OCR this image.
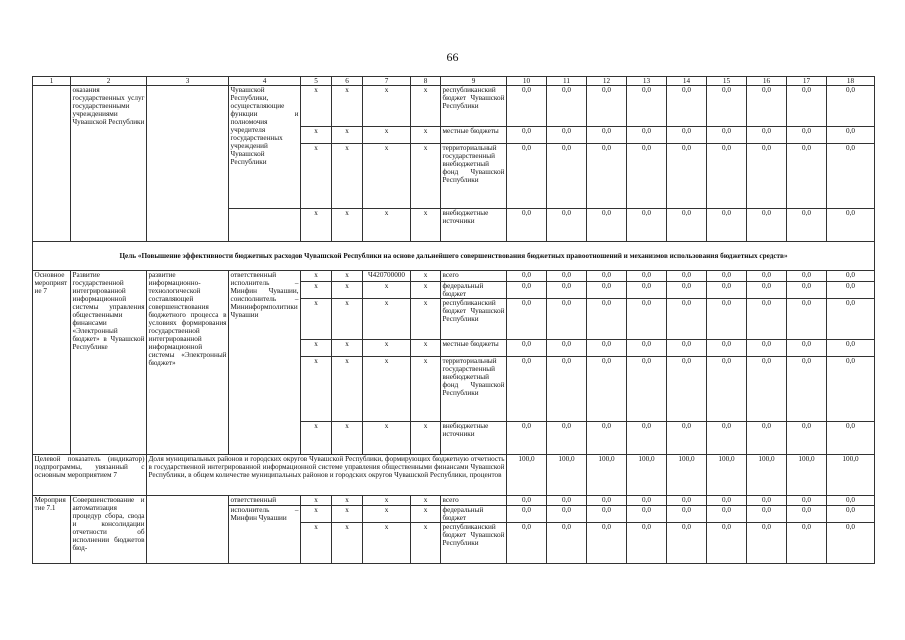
66
1	2	3	4	5	6	7	8	9	10	11	12	13	14	15	16	17	18
	оказания государственных услуг государственными учреждениями Чувашской Республики		Чувашской Республики, осуществляющие функции и полномочия учредителя государственных учреждений Чувашской Республики	х	х	х	х	республиканский бюджет Чувашской Республики	0,0	0,0	0,0	0,0	0,0	0,0	0,0	0,0	0,0
				х	х	х	х	местные бюджеты	0,0	0,0	0,0	0,0	0,0	0,0	0,0	0,0	0,0
				х	х	х	х	территориальный государственный внебюджетный фонд Чувашской Республики	0,0	0,0	0,0	0,0	0,0	0,0	0,0	0,0	0,0
				х	х	х	х	внебюджетные источники	0,0	0,0	0,0	0,0	0,0	0,0	0,0	0,0	0,0
Цель «Повышение эффективности бюджетных расходов Чувашской Республики на основе дальнейшего совершенствования бюджетных правоотношений и механизмов использования бюджетных средств»																	
Основное мероприятие 7	Развитие государственной интегрированной информационной системы управления общественными финансами «Электронный бюджет» в Чувашской Республике	развитие информационно-технологической составляющей совершенствования бюджетного процесса в условиях формирования государственной интегрированной информационной системы «Электронный бюджет»	ответственный исполнитель – Минфин Чувашии, соисполнитель – Мининформполитики Чувашии	х	х	Ч420700000	х	всего	0,0	0,0	0,0	0,0	0,0	0,0	0,0	0,0	0,0
				х	х	х	х	федеральный бюджет	0,0	0,0	0,0	0,0	0,0	0,0	0,0	0,0	0,0
				х	х	х	х	республиканский бюджет Чувашской Республики	0,0	0,0	0,0	0,0	0,0	0,0	0,0	0,0	0,0
				х	х	х	х	местные бюджеты	0,0	0,0	0,0	0,0	0,0	0,0	0,0	0,0	0,0
				х	х	х	х	территориальный государственный внебюджетный фонд Чувашской Республики	0,0	0,0	0,0	0,0	0,0	0,0	0,0	0,0	0,0
				х	х	х	х	внебюджетные источники	0,0	0,0	0,0	0,0	0,0	0,0	0,0	0,0	0,0
Целевой показатель (индикатор) подпрограммы, увязанный с основным мероприятием 7		Доля муниципальных районов и городских округов Чувашской Республики, формирующих бюджетную отчетность в государственной интегрированной информационной системе управления общественными финансами Чувашской Республики, в общем количестве муниципальных районов и городских округов Чувашской Республики, процентов							100,0	100,0	100,0	100,0	100,0	100,0	100,0	100,0	100,0
Мероприятие 7.1	Совершенствование и автоматизация процедур сбора, свода и консолидации отчетности об исполнении бюджетов бюд-		ответственный	х	х	х	х	всего	0,0	0,0	0,0	0,0	0,0	0,0	0,0	0,0	0,0
			исполнитель – Минфин Чувашии	х	х	х	х	федеральный бюджет	0,0	0,0	0,0	0,0	0,0	0,0	0,0	0,0	0,0
				х	х	х	х	республиканский бюджет Чувашской Республики	0,0	0,0	0,0	0,0	0,0	0,0	0,0	0,0	0,0
